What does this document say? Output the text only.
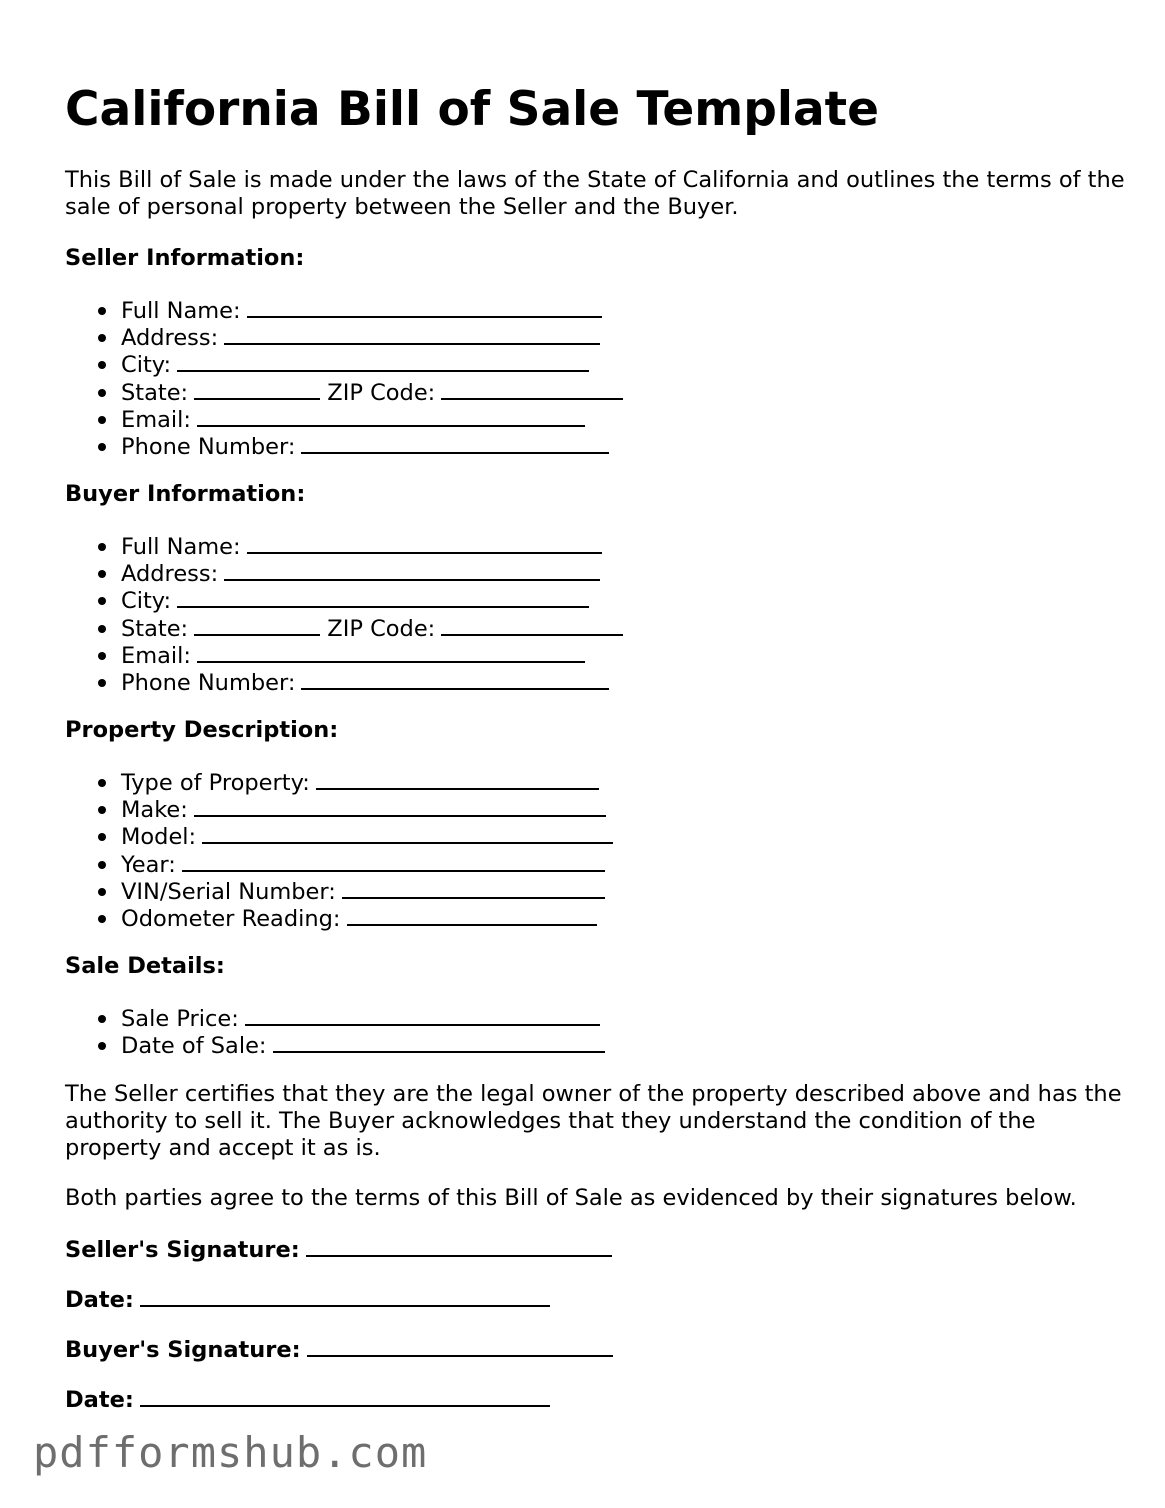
California Bill of Sale Template

This Bill of Sale is made under the laws of the State of California and outlines the terms of the sale of personal property between the Seller and the Buyer.

Seller Information:

Full Name:
Address:
City:
State:	ZIP Code:
Email:
Phone Number:

Buyer Information:

Full Name:
Address:
City:
State:	ZIP Code:
Email:
Phone Number:

Property Description:

Type of Property:
Make:
Model:
Year:
VIN/Serial Number:
Odometer Reading:

Sale Details:

Sale Price:
Date of Sale:

The Seller certifies that they are the legal owner of the property described above and has the authority to sell it. The Buyer acknowledges that they understand the condition of the property and accept it as is.

Both parties agree to the terms of this Bill of Sale as evidenced by their signatures below.

Seller's Signature:

Date:

Buyer's Signature:

Date:

pdfformshub.com
